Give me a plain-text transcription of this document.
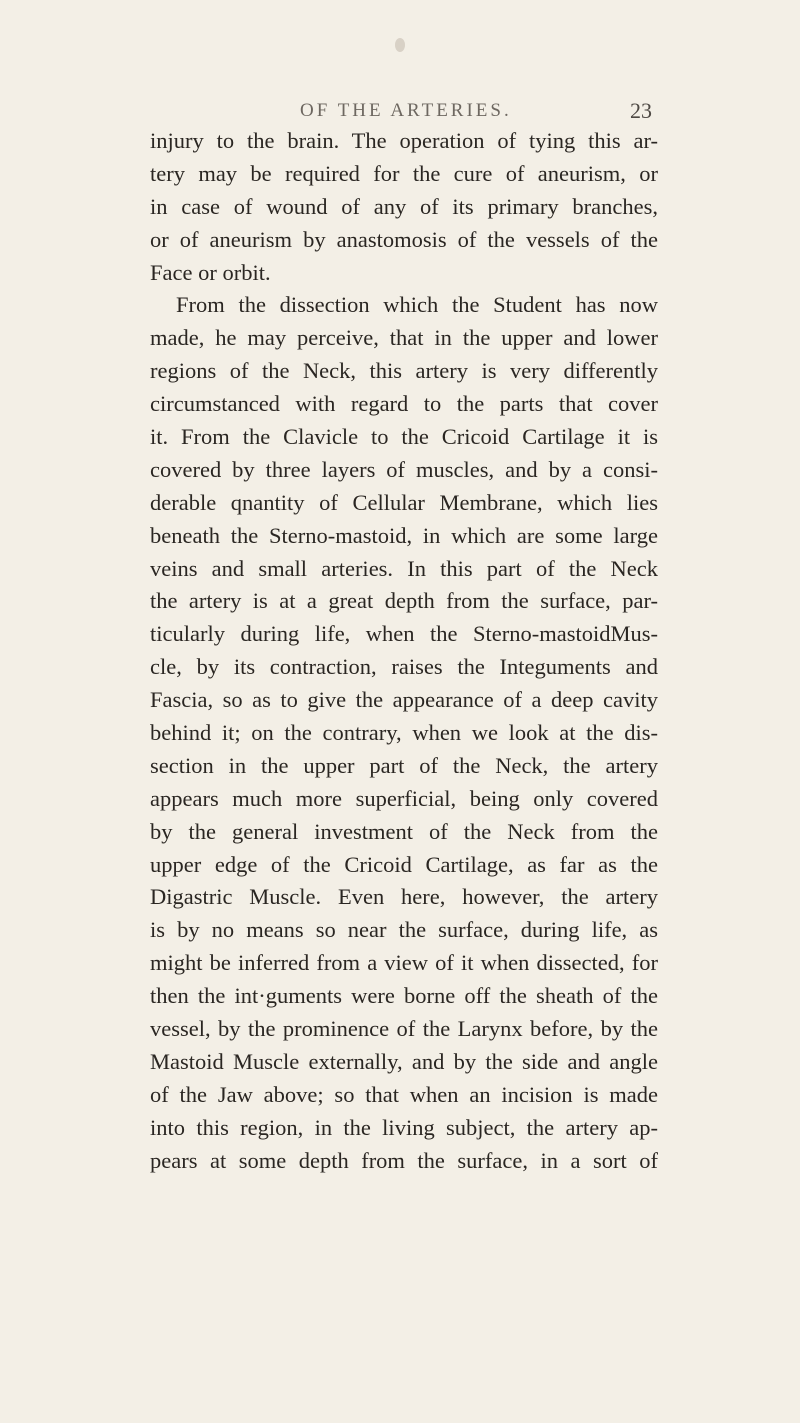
OF THE ARTERIES.	23
injury to the brain. The operation of tying this ar-
tery may be required for the cure of aneurism, or
in case of wound of any of its primary branches,
or of aneurism by anastomosis of the vessels of the
Face or orbit.
From the dissection which the Student has now
made, he may perceive, that in the upper and lower
regions of the Neck, this artery is very differently
circumstanced with regard to the parts that cover
it. From the Clavicle to the Cricoid Cartilage it is
covered by three layers of muscles, and by a consi-
derable qnantity of Cellular Membrane, which lies
beneath the Sterno-mastoid, in which are some large
veins and small arteries. In this part of the Neck
the artery is at a great depth from the surface, par-
ticularly during life, when the Sterno-mastoidMus-
cle, by its contraction, raises the Integuments and
Fascia, so as to give the appearance of a deep cavity
behind it; on the contrary, when we look at the dis-
section in the upper part of the Neck, the artery
appears much more superficial, being only covered
by the general investment of the Neck from the
upper edge of the Cricoid Cartilage, as far as the
Digastric Muscle. Even here, however, the artery
is by no means so near the surface, during life, as
might be inferred from a view of it when dissected, for
then the int·guments were borne off the sheath of the
vessel, by the prominence of the Larynx before, by the
Mastoid Muscle externally, and by the side and angle
of the Jaw above; so that when an incision is made
into this region, in the living subject, the artery ap-
pears at some depth from the surface, in a sort of
